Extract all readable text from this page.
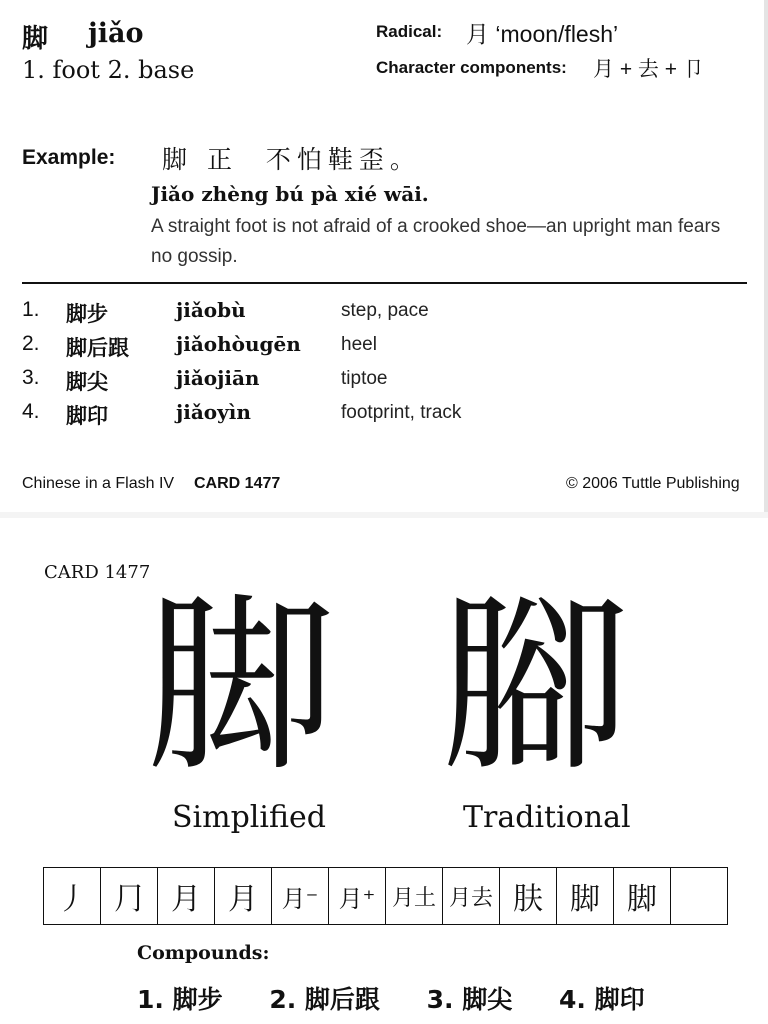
脚 jiǎo
1. foot 2. base
Radical: 月 ‘moon/flesh’
Character components: 月 + 去 + 卩
Example: 脚 正  不怕鞋歪。
Jiǎo zhèng bú pà xié wāi.
A straight foot is not afraid of a crooked shoe—an upright man fears no gossip.
1. 脚步	jiǎobù	step, pace
2. 脚后跟 jiǎohòugēn heel
3. 脚尖	jiǎojiān	tiptoe
4. 脚印	jiǎoyìn	footprint, track
Chinese in a Flash IV CARD 1477	© 2006 Tuttle Publishing
CARD 1477
脚 腳
Simplified	Traditional
丿 ⺆ 月 月 月⁻ 月⁺ 月土 月去 肤 脚 脚
Compounds:
1. 脚步 2. 脚后跟 3. 脚尖 4. 脚印
